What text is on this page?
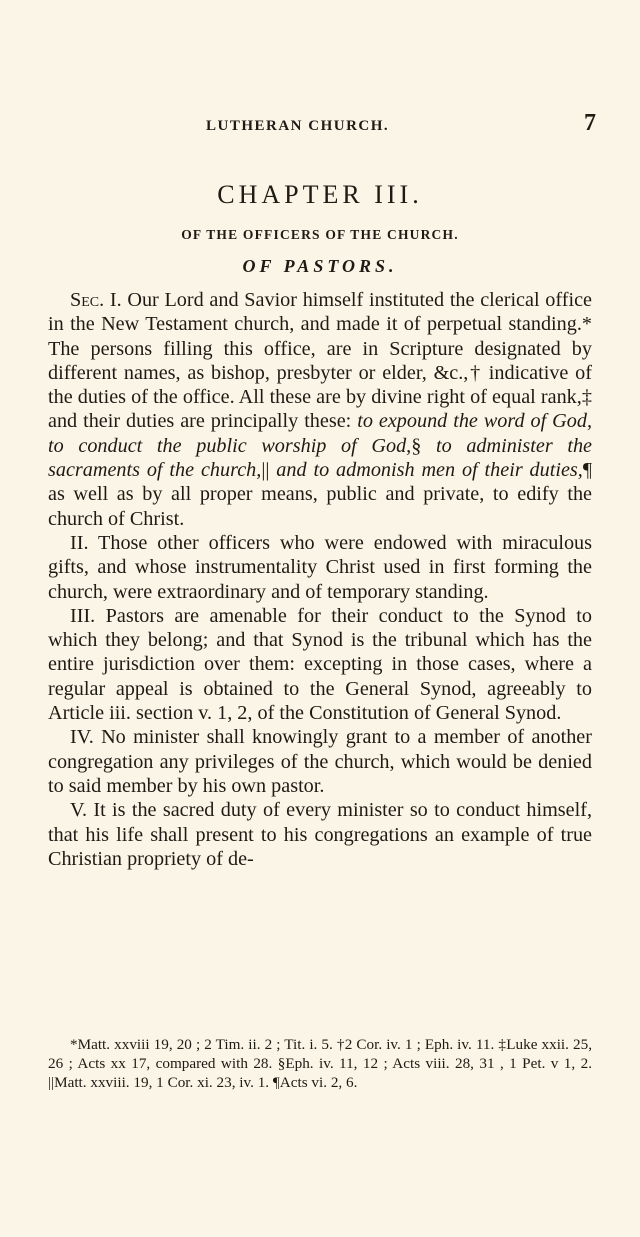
LUTHERAN CHURCH.	7
CHAPTER III.
OF THE OFFICERS OF THE CHURCH.
OF PASTORS.

Sec. I. Our Lord and Savior himself instituted the clerical office in the New Testament church, and made it of perpetual standing.* The persons filling this office, are in Scripture designated by different names, as bishop, presbyter or elder, &c.,† indicative of the duties of the office. All these are by divine right of equal rank,‡ and their duties are principally these: to expound the word of God, to conduct the public worship of God,§ to administer the sacraments of the church,|| and to admonish men of their duties,¶ as well as by all proper means, public and private, to edify the church of Christ.

II. Those other officers who were endowed with miraculous gifts, and whose instrumentality Christ used in first forming the church, were extraordinary and of temporary standing.

III. Pastors are amenable for their conduct to the Synod to which they belong; and that Synod is the tribunal which has the entire jurisdiction over them: excepting in those cases, where a regular appeal is obtained to the General Synod, agreeably to Article iii. section v. 1, 2, of the Constitution of General Synod.

IV. No minister shall knowingly grant to a member of another congregation any privileges of the church, which would be denied to said member by his own pastor.

V. It is the sacred duty of every minister so to conduct himself, that his life shall present to his congregations an example of true Christian propriety of de-

*Matt. xxviii 19, 20 ; 2 Tim. ii. 2 ; Tit. i. 5. †2 Cor. iv. 1 ; Eph. iv. 11. ‡Luke xxii. 25, 26 ; Acts xx 17, compared with 28. §Eph. iv. 11, 12 ; Acts viii. 28, 31 , 1 Pet. v 1, 2. ||Matt. xxviii. 19, 1 Cor. xi. 23, iv. 1. ¶Acts vi. 2, 6.
